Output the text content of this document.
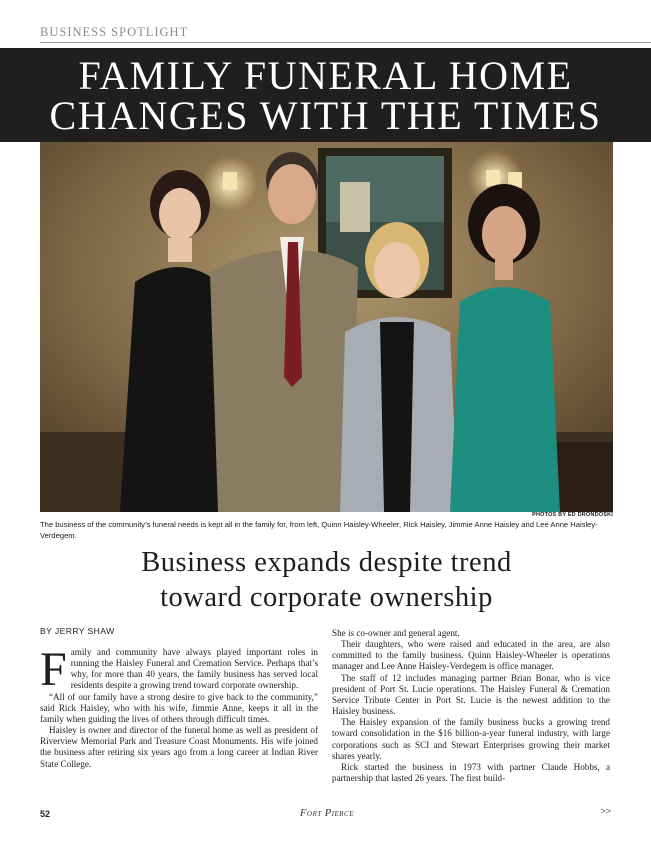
BUSINESS SPOTLIGHT
FAMILY FUNERAL HOME
CHANGES WITH THE TIMES
PHOTOS BY ED DRONDOSKI
The business of the community’s funeral needs is kept all in the family for, from left, Quinn Haisley-Wheeler, Rick Haisley, Jimmie Anne Haisley and Lee Anne Haisley-Verdegem.
Business expands despite trend
toward corporate ownership
BY JERRY SHAW

Family and community have always played important roles in running the Haisley Funeral and Cremation Service. Perhaps that’s why, for more than 40 years, the family business has served local residents despite a growing trend toward corporate ownership.

“All of our family have a strong desire to give back to the community,” said Rick Haisley, who with his wife, Jimmie Anne, keeps it all in the family when guiding the lives of others through difficult times.

Haisley is owner and director of the funeral home as well as president of Riverview Memorial Park and Treasure Coast Monuments. His wife joined the business after retiring six years ago from a long career at Indian River State College.

She is co-owner and general agent.

Their daughters, who were raised and educated in the area, are also committed to the family business. Quinn Haisley-Wheeler is operations manager and Lee Anne Haisley-Verdegem is office manager.

The staff of 12 includes managing partner Brian Bonar, who is vice president of Port St. Lucie operations. The Haisley Funeral & Cremation Service Tribute Center in Port St. Lucie is the newest addition to the Haisley business.

The Haisley expansion of the family business bucks a growing trend toward consolidation in the $16 billion-a-year funeral industry, with large corporations such as SCI and Stewart Enterprises growing their market shares yearly.

Rick started the business in 1973 with partner Claude Hobbs, a partnership that lasted 26 years. The first build-

52	Fort Pierce	>>
